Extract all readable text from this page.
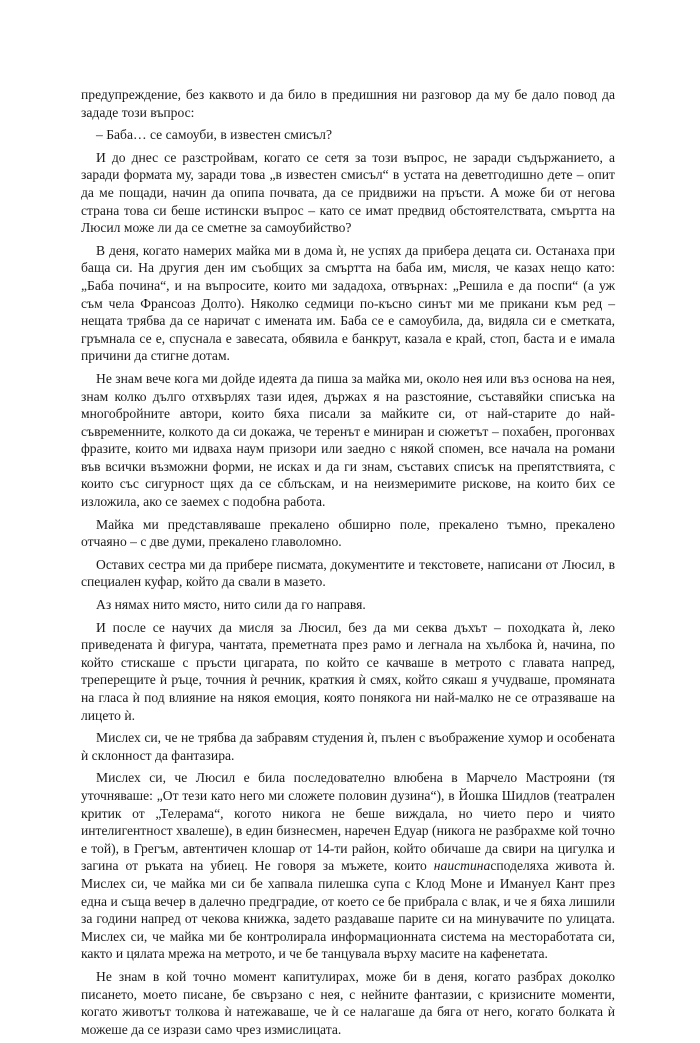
предупреждение, без каквото и да било в предишния ни разговор да му бе дало повод да зададе този въпрос:

– Баба… се самоуби, в известен смисъл?

И до днес се разстройвам, когато се сетя за този въпрос, не заради съдържанието, а заради формата му, заради това „в известен смисъл“ в устата на деветгодишно дете – опит да ме пощади, начин да опипа почвата, да се придвижи на пръсти. А може би от негова страна това си беше истински въпрос – като се имат предвид обстоятелствата, смъртта на Люсил може ли да се сметне за самоубийство?

В деня, когато намерих майка ми в дома ѝ, не успях да прибера децата си. Останаха при баща си. На другия ден им съобщих за смъртта на баба им, мисля, че казах нещо като: „Баба почина“, и на въпросите, които ми зададоха, отвърнах: „Решила е да поспи“ (а уж съм чела Франсоаз Долто). Няколко седмици по-късно синът ми ме прикани към ред – нещата трябва да се наричат с имената им. Баба се е самоубила, да, видяла си е сметката, гръмнала се е, спуснала е завесата, обявила е банкрут, казала е край, стоп, баста и е имала причини да стигне дотам.

Не знам вече кога ми дойде идеята да пиша за майка ми, около нея или въз основа на нея, знам колко дълго отхвърлях тази идея, държах я на разстояние, съставяйки списъка на многобройните автори, които бяха писали за майките си, от най-старите до най-съвременните, колкото да си докажа, че теренът е миниран и сюжетът – похабен, прогонвах фразите, които ми идваха наум призори или заедно с някой спомен, все начала на романи във всички възможни форми, не исках и да ги знам, съставих списък на препятствията, с които със сигурност щях да се сблъскам, и на неизмеримите рискове, на които бих се изложила, ако се заемех с подобна работа.

Майка ми представляваше прекалено обширно поле, прекалено тъмно, прекалено отчаяно – с две думи, прекалено главоломно.

Оставих сестра ми да прибере писмата, документите и текстовете, написани от Люсил, в специален куфар, който да свали в мазето.

Аз нямах нито място, нито сили да го направя.

И после се научих да мисля за Люсил, без да ми секва дъхът – походката ѝ, леко приведената ѝ фигура, чантата, преметната през рамо и легнала на хълбока ѝ, начина, по който стискаше с пръсти цигарата, по който се качваше в метрото с главата напред, треперещите ѝ ръце, точния ѝ речник, краткия ѝ смях, който сякаш я учудваше, промяната на гласа ѝ под влияние на някоя емоция, която понякога ни най-малко не се отразяваше на лицето ѝ.

Мислех си, че не трябва да забравям студения ѝ, пълен с въображение хумор и особената ѝ склонност да фантазира.

Мислех си, че Люсил е била последователно влюбена в Марчело Мастрояни (тя уточняваше: „От тези като него ми сложете половин дузина“), в Йошка Шидлов (театрален критик от „Телерама“, когото никога не беше виждала, но чието перо и чиято интелигентност хвалеше), в един бизнесмен, наречен Едуар (никога не разбрахме кой точно е той), в Грегъм, автентичен клошар от 14-ти район, който обичаше да свири на цигулка и загина от ръката на убиец. Не говоря за мъжете, които наистинасподеляха живота ѝ. Мислех си, че майка ми си бе хапвала пилешка супа с Клод Моне и Имануел Кант през една и съща вечер в далечно предградие, от което се бе прибрала с влак, и че я бяха лишили за години напред от чекова книжка, задето раздаваше парите си на минувачите по улицата. Мислех си, че майка ми бе контролирала информационната система на месторабoтата си, както и цялата мрежа на метрото, и че бе танцувала върху масите на кафенетата.

Не знам в кой точно момент капитулирах, може би в деня, когато разбрах доколко писането, моето писане, бе свързано с нея, с нейните фантазии, с кризисните моменти, когато животът толкова ѝ натежаваше, че ѝ се налагаше да бяга от него, когато болката ѝ можеше да се изрази само чрез измислицата.
